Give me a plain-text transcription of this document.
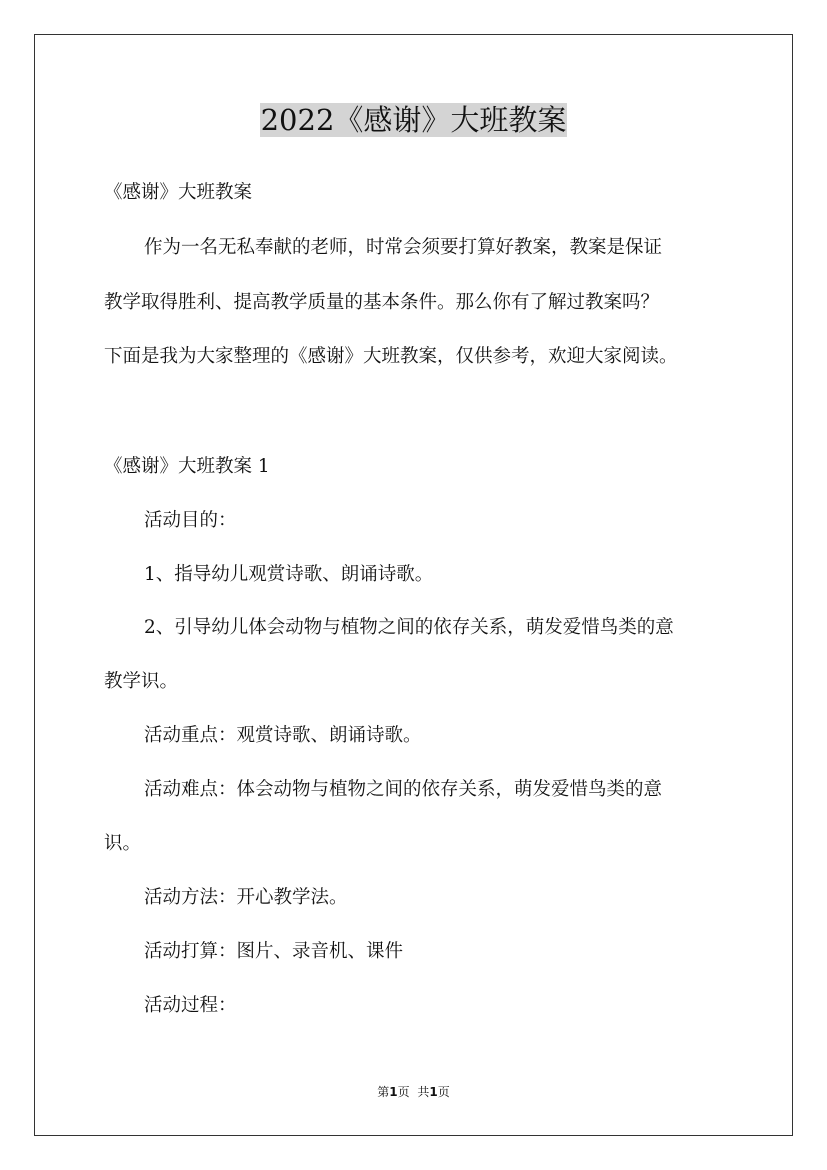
2022《感谢》大班教案
《感谢》大班教案
作为一名无私奉献的老师，时常会须要打算好教案，教案是保证
教学取得胜利、提高教学质量的基本条件。那么你有了解过教案吗？
下面是我为大家整理的《感谢》大班教案，仅供参考，欢迎大家阅读。
《感谢》大班教案 1
活动目的：
1、指导幼儿观赏诗歌、朗诵诗歌。
2、引导幼儿体会动物与植物之间的依存关系，萌发爱惜鸟类的意
教学识。
活动重点：观赏诗歌、朗诵诗歌。
活动难点：体会动物与植物之间的依存关系，萌发爱惜鸟类的意
识。
活动方法：开心教学法。
活动打算：图片、录音机、课件
活动过程：
第1页 共1页
